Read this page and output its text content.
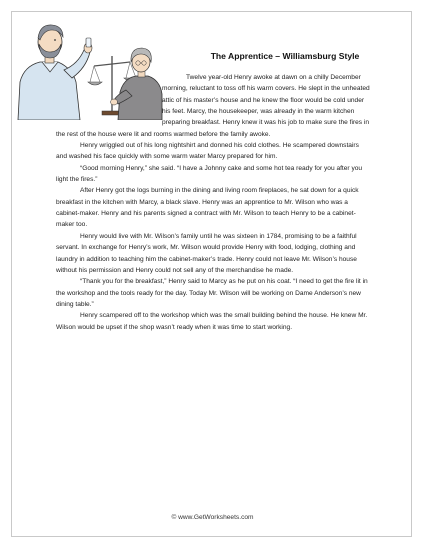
The Apprentice – Williamsburg Style

Twelve year-old Henry awoke at dawn on a chilly December morning, reluctant to toss off his warm covers. He slept in the unheated attic of his master’s house and he knew the floor would be cold under his feet. Marcy, the housekeeper, was already in the warm kitchen preparing breakfast. Henry knew it was his job to make sure the fires in the rest of the house were lit and rooms warmed before the family awoke.

Henry wriggled out of his long nightshirt and donned his cold clothes. He scampered downstairs and washed his face quickly with some warm water Marcy prepared for him.

“Good morning Henry,” she said. “I have a Johnny cake and some hot tea ready for you after you light the fires.”

After Henry got the logs burning in the dining and living room fireplaces, he sat down for a quick breakfast in the kitchen with Marcy, a black slave. Henry was an apprentice to Mr. Wilson who was a cabinet-maker. Henry and his parents signed a contract with Mr. Wilson to teach Henry to be a cabinet-maker too.

Henry would live with Mr. Wilson’s family until he was sixteen in 1784, promising to be a faithful servant. In exchange for Henry’s work, Mr. Wilson would provide Henry with food, lodging, clothing and laundry in addition to teaching him the cabinet-maker’s trade. Henry could not leave Mr. Wilson’s house without his permission and Henry could not sell any of the merchandise he made.

“Thank you for the breakfast,” Henry said to Marcy as he put on his coat. “I need to get the fire lit in the workshop and the tools ready for the day. Today Mr. Wilson will be working on Dame Anderson’s new dining table.”

Henry scampered off to the workshop which was the small building behind the house. He knew Mr. Wilson would be upset if the shop wasn’t ready when it was time to start working.

© www.GetWorksheets.com
